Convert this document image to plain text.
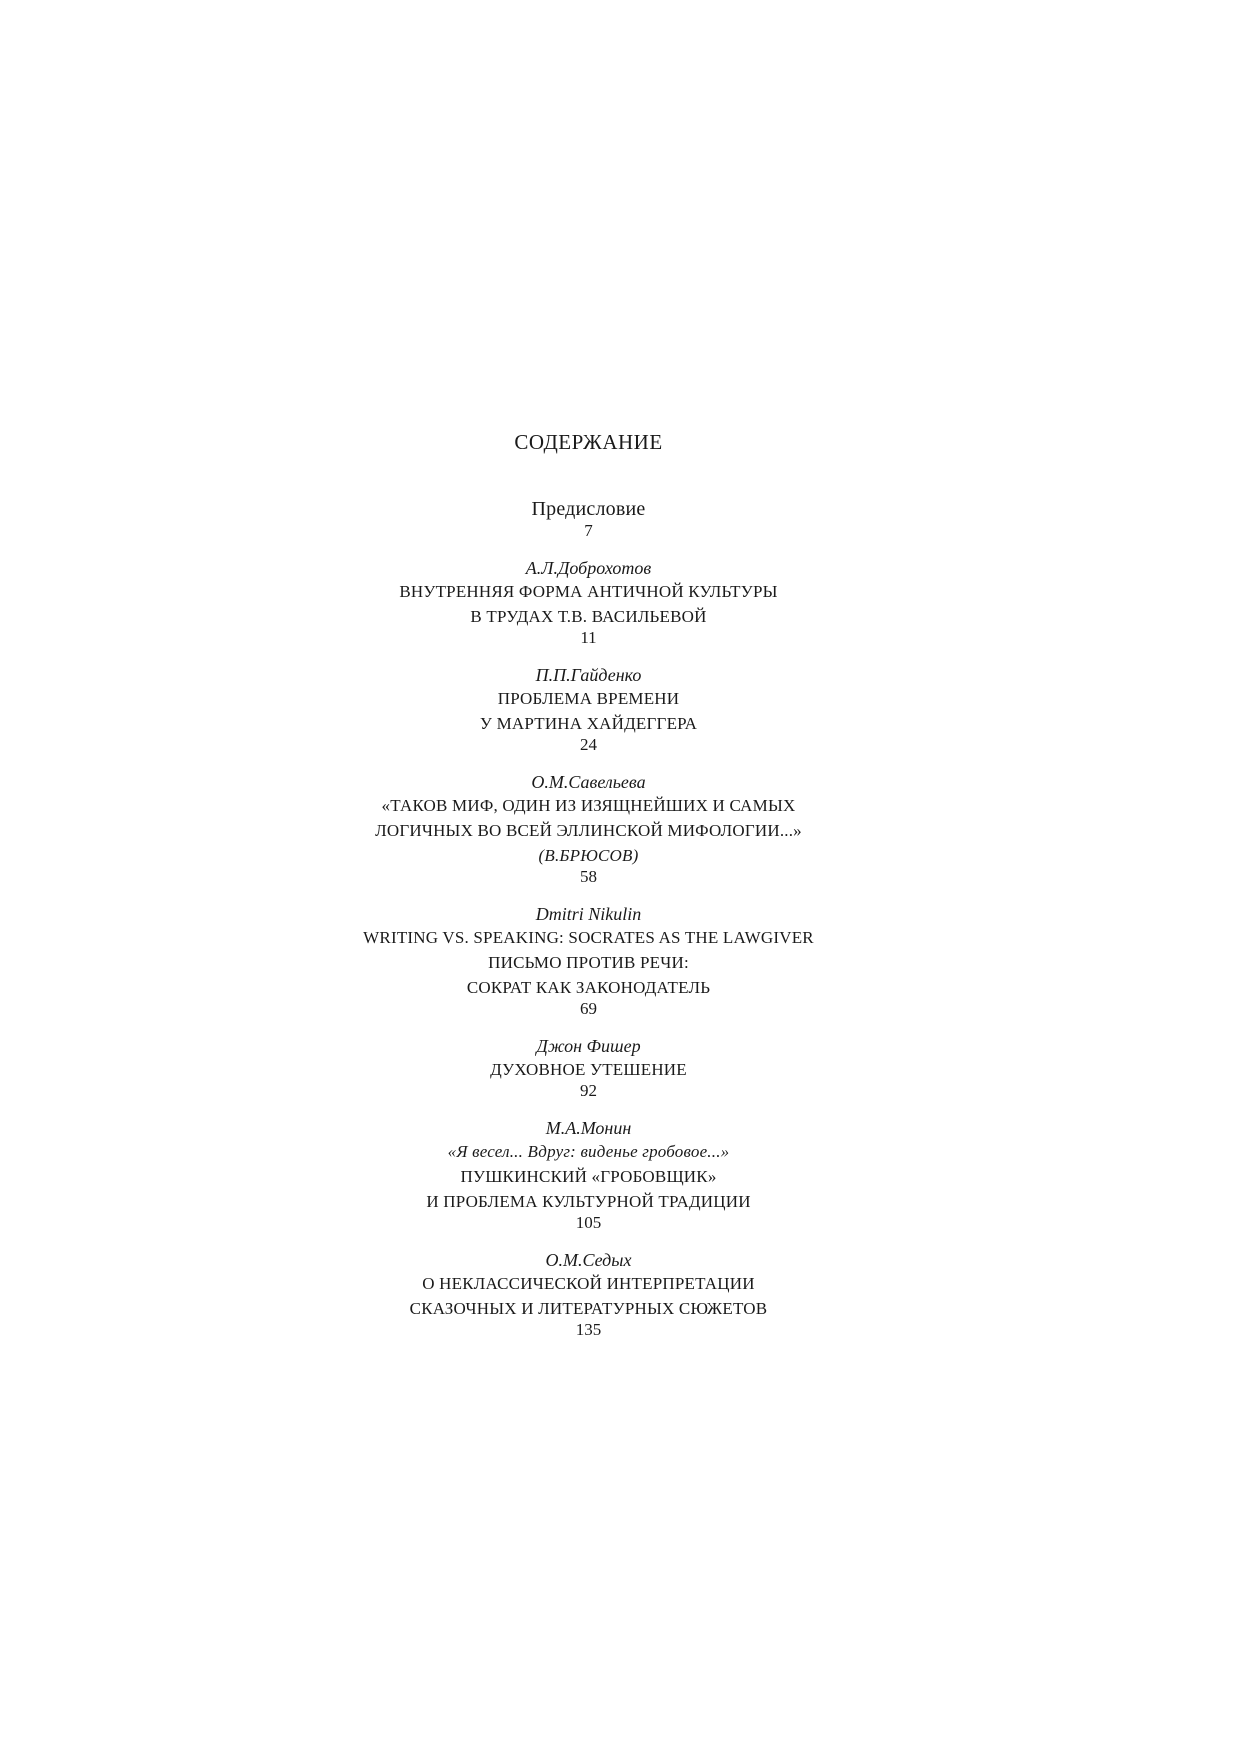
СОДЕРЖАНИЕ
Предисловие
7
А.Л.Доброхотов
ВНУТРЕННЯЯ ФОРМА АНТИЧНОЙ КУЛЬТУРЫ
В ТРУДАХ Т.В. ВАСИЛЬЕВОЙ
11
П.П.Гайденко
ПРОБЛЕМА ВРЕМЕНИ
У МАРТИНА ХАЙДЕГГЕРА
24
О.М.Савельева
«ТАКОВ МИФ, ОДИН ИЗ ИЗЯЩНЕЙШИХ И САМЫХ
ЛОГИЧНЫХ ВО ВСЕЙ ЭЛЛИНСКОЙ МИФОЛОГИИ...»
(В.БРЮСОВ)
58
Dmitri Nikulin
WRITING VS. SPEAKING: SOCRATES AS THE LAWGIVER
ПИСЬМО ПРОТИВ РЕЧИ:
СОКРАТ КАК ЗАКОНОДАТЕЛЬ
69
Джон Фишер
ДУХОВНОЕ УТЕШЕНИЕ
92
М.А.Монин
«Я весел... Вдруг: виденье гробовое...»
ПУШКИНСКИЙ «ГРОБОВЩИК»
И ПРОБЛЕМА КУЛЬТУРНОЙ ТРАДИЦИИ
105
О.М.Седых
О НЕКЛАССИЧЕСКОЙ ИНТЕРПРЕТАЦИИ
СКАЗОЧНЫХ И ЛИТЕРАТУРНЫХ СЮЖЕТОВ
135
